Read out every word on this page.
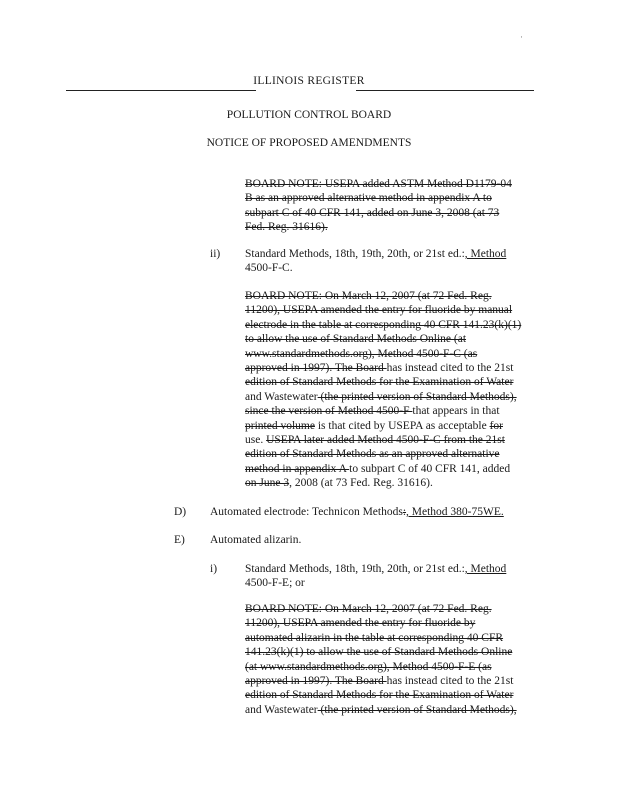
·
ILLINOIS REGISTER
POLLUTION CONTROL BOARD
NOTICE OF PROPOSED AMENDMENTS
BOARD NOTE: USEPA added ASTM Method D1179-04
B as an approved alternative method in appendix A to
subpart C of 40 CFR 141, added on June 3, 2008 (at 73
Fed. Reg. 31616).
ii) Standard Methods, 18th, 19th, 20th, or 21st ed.:, Method
4500-F-C.
BOARD NOTE: On March 12, 2007 (at 72 Fed. Reg.
11200), USEPA amended the entry for fluoride by manual
electrode in the table at corresponding 40 CFR 141.23(k)(1)
to allow the use of Standard Methods Online (at
www.standardmethods.org), Method 4500-F-C (as
approved in 1997). The Board has instead cited to the 21st
edition of Standard Methods for the Examination of Water
and Wastewater (the printed version of Standard Methods),
since the version of Method 4500-F that appears in that
printed volume is that cited by USEPA as acceptable for
use. USEPA later added Method 4500-F-C from the 21st
edition of Standard Methods as an approved alternative
method in appendix A to subpart C of 40 CFR 141, added
on June 3, 2008 (at 73 Fed. Reg. 31616).
D) Automated electrode: Technicon Methods:, Method 380-75WE.
E) Automated alizarin.
i) Standard Methods, 18th, 19th, 20th, or 21st ed.:, Method
4500-F-E; or
BOARD NOTE: On March 12, 2007 (at 72 Fed. Reg.
11200), USEPA amended the entry for fluoride by
automated alizarin in the table at corresponding 40 CFR
141.23(k)(1) to allow the use of Standard Methods Online
(at www.standardmethods.org), Method 4500-F-E (as
approved in 1997). The Board has instead cited to the 21st
edition of Standard Methods for the Examination of Water
and Wastewater (the printed version of Standard Methods),
